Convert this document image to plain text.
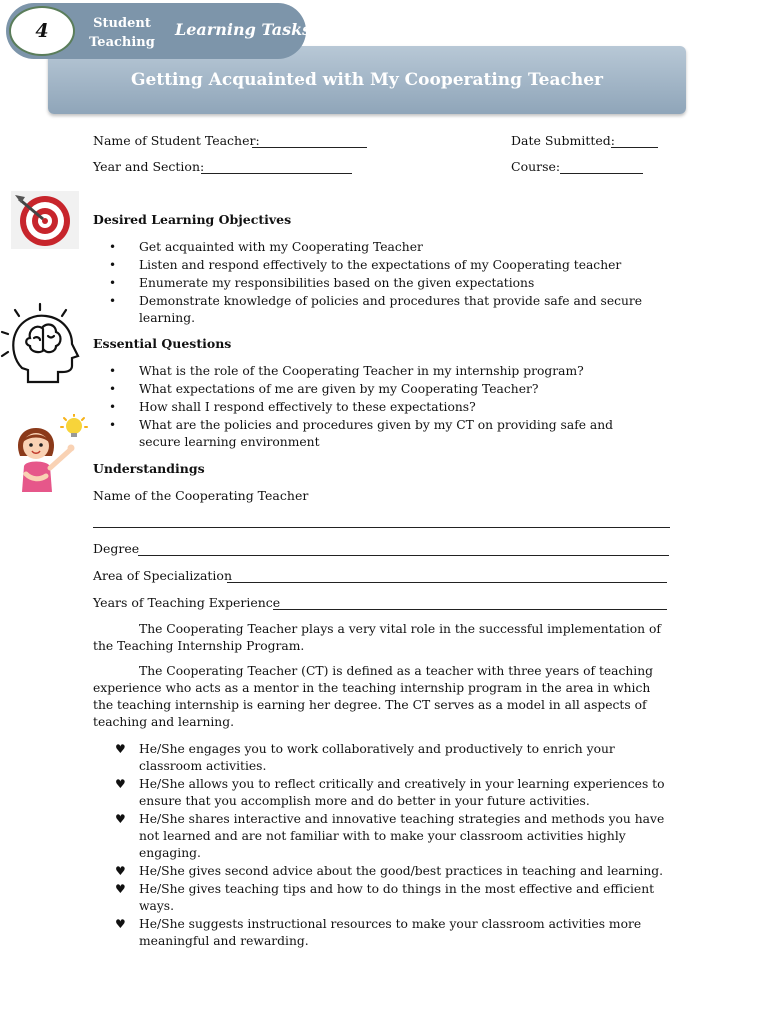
Getting Acquainted with My Cooperating Teacher
4	Student
Teaching
Learning Tasks
Name of Student Teacher:	Date Submitted:
Year and Section:	Course:
Desired Learning Objectives
• Get acquainted with my Cooperating Teacher
• Listen and respond effectively to the expectations of my Cooperating teacher
• Enumerate my responsibilities based on the given expectations
• Demonstrate knowledge of policies and procedures that provide safe and secure learning.
Essential Questions
• What is the role of the Cooperating Teacher in my internship program?
• What expectations of me are given by my Cooperating Teacher?
• How shall I respond effectively to these expectations?
• What are the policies and procedures given by my CT on providing safe and secure learning environment
Understandings
Name of the Cooperating Teacher
Degree
Area of Specialization
Years of Teaching Experience
The Cooperating Teacher plays a very vital role in the successful implementation of the Teaching Internship Program.
The Cooperating Teacher (CT) is defined as a teacher with three years of teaching experience who acts as a mentor in the teaching internship program in the area in which the teaching internship is earning her degree. The CT serves as a model in all aspects of teaching and learning.
♥ He/She engages you to work collaboratively and productively to enrich your classroom activities.
♥ He/She allows you to reflect critically and creatively in your learning experiences to ensure that you accomplish more and do better in your future activities.
♥ He/She shares interactive and innovative teaching strategies and methods you have not learned and are not familiar with to make your classroom activities highly engaging.
♥ He/She gives second advice about the good/best practices in teaching and learning.
♥ He/She gives teaching tips and how to do things in the most effective and efficient ways.
♥ He/She suggests instructional resources to make your classroom activities more meaningful and rewarding.
